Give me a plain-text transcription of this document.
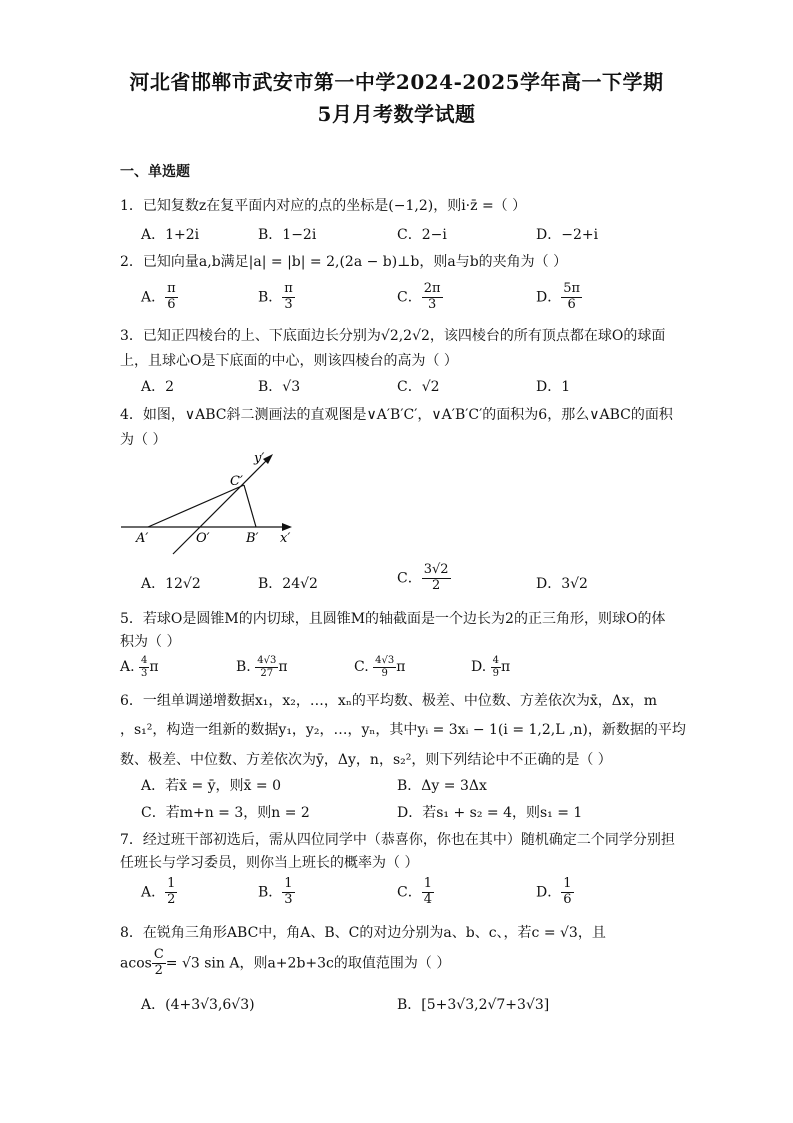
河北省邯郸市武安市第一中学2024-2025学年高一下学期
5月月考数学试题
一、单选题
1．已知复数z在复平面内对应的点的坐标是(−1,2)，则i·z̄ =（ ）
A．1+2i	B．1−2i	C．2−i	D．−2+i
2．已知向量a,b满足|a| = |b| = 2,(2a − b)⊥b，则a与b的夹角为（ ）
A． $\frac{\pi}{6}$	B． $\frac{\pi}{3}$	C． $\frac{2\pi}{3}$	D． $\frac{5\pi}{6}$
3．已知正四棱台的上、下底面边长分别为√2,2√2，该四棱台的所有顶点都在球O的球面
上，且球心O是下底面的中心，则该四棱台的高为（ ）
A．2	B．√3	C．√2	D．1
4．如图，∨ABC斜二测画法的直观图是∨A′B′C′，∨A′B′C′的面积为6，那么∨ABC的面积
为（ ）
y′
C′
A′	O′	B′ x′
A．12√2	B．24√2	C． $\frac{3√2}{2}$	D．3√2
5．若球O是圆锥M的内切球，且圆锥M的轴截面是一个边长为2的正三角形，则球O的体
积为（ ）
A. $\frac{4}{3}$ π	B. $\frac{4√3}{27}$ π	C. $\frac{4√3}{9}$ π	D. $\frac{4}{9}$ π
6．一组单调递增数据x₁，x₂，…，xₙ的平均数、极差、中位数、方差依次为x̄，Δx，m
，s₁²，构造一组新的数据y₁，y₂，…，yₙ，其中yᵢ = 3xᵢ − 1(i = 1,2,L ,n)，新数据的平均
数、极差、中位数、方差依次为ȳ，Δy，n，s₂²，则下列结论中不正确的是（ ）
A．若x̄ = ȳ，则x̄ = 0	B．Δy = 3Δx
C．若m+n = 3，则n = 2	D．若s₁ + s₂ = 4，则s₁ = 1
7．经过班干部初选后，需从四位同学中（恭喜你，你也在其中）随机确定二个同学分别担
任班长与学习委员，则你当上班长的概率为（ ）
A． $\frac{1}{2}$	B． $\frac{1}{3}$	C． $\frac{1}{4}$	D． $\frac{1}{6}$
8．在锐角三角形ABC中，角A、B、C的对边分别为a、b、c、，若c = √3，且
acos $\frac{C}{2} = √3$ sin A，则a+2b+3c的取值范围为（ ）
A．(4+3√3,6√3)	B．[5+3√3,2√7+3√3]
